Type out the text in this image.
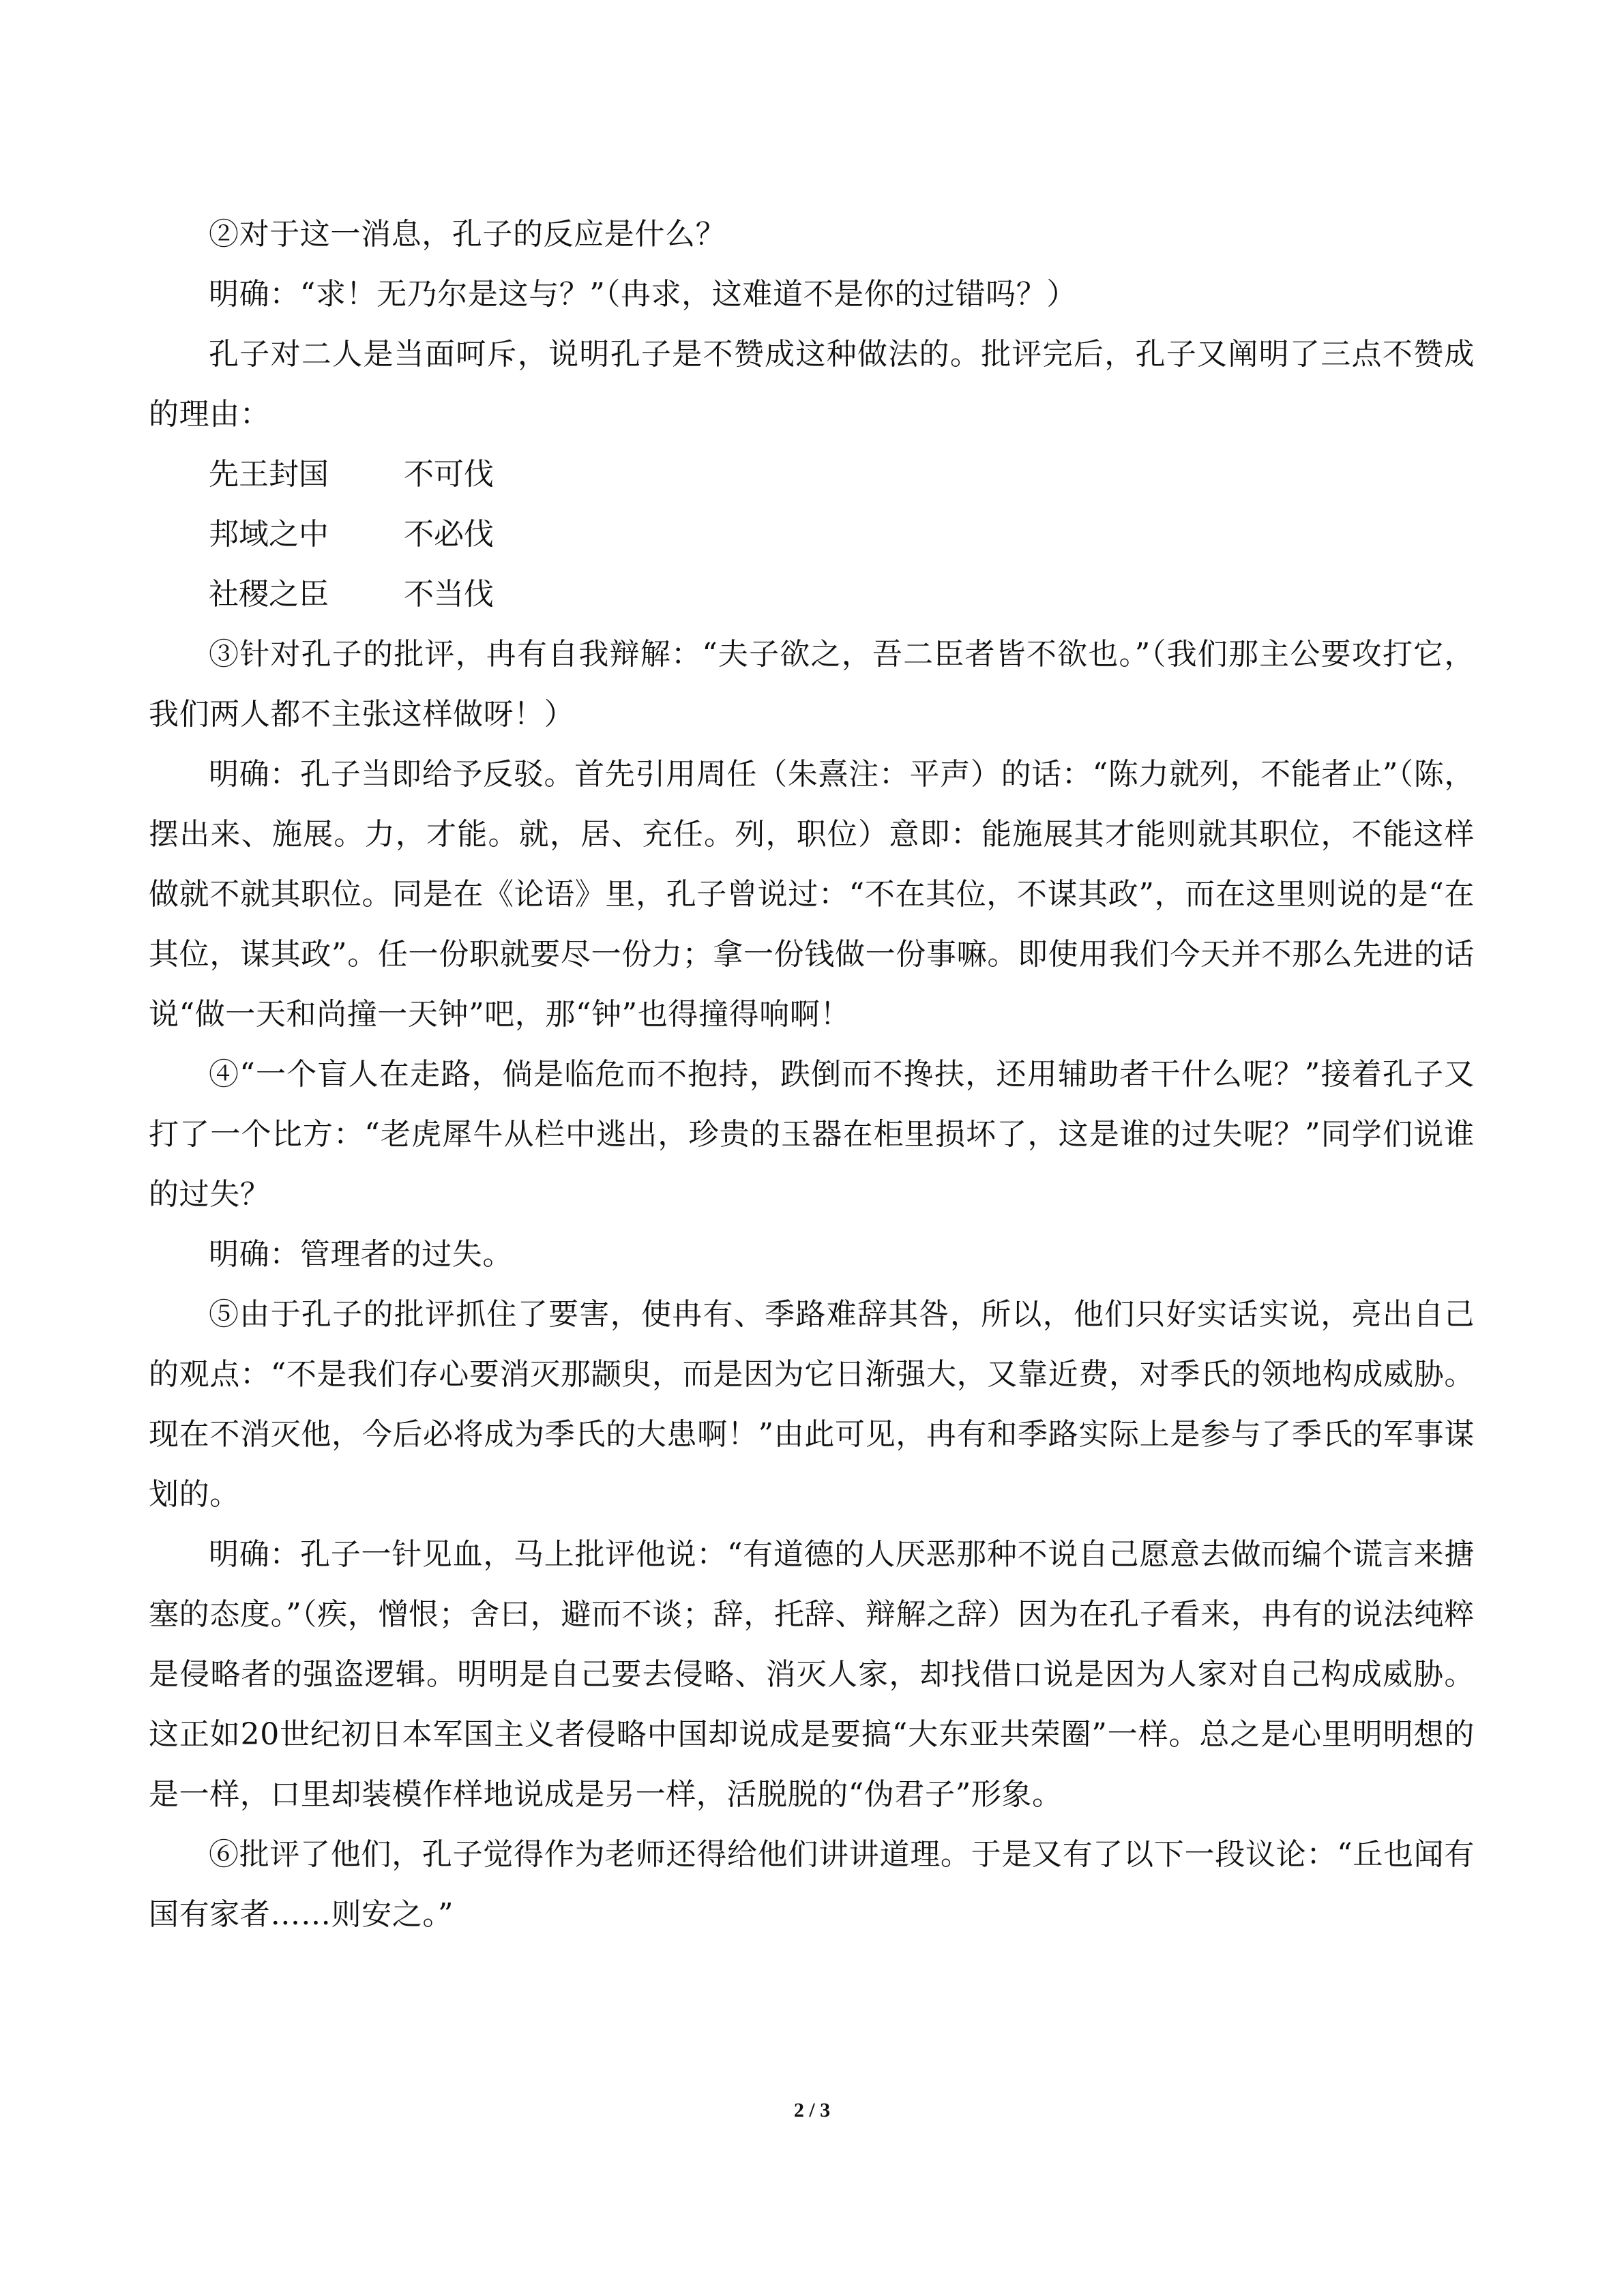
②对于这一消息，孔子的反应是什么？

明确：“求！无乃尔是这与？”（冉求，这难道不是你的过错吗？）

孔子对二人是当面呵斥，说明孔子是不赞成这种做法的。批评完后，孔子又阐明了三点不赞成的理由：

先王封国	不可伐
邦域之中	不必伐
社稷之臣	不当伐

③针对孔子的批评，冉有自我辩解：“夫子欲之，吾二臣者皆不欲也。”（我们那主公要攻打它，我们两人都不主张这样做呀！）

明确：孔子当即给予反驳。首先引用周任（朱熹注：平声）的话：“陈力就列，不能者止”（陈，摆出来、施展。力，才能。就，居、充任。列，职位）意即：能施展其才能则就其职位，不能这样做就不就其职位。同是在《论语》里，孔子曾说过：“不在其位，不谋其政”，而在这里则说的是“在其位，谋其政”。任一份职就要尽一份力；拿一份钱做一份事嘛。即使用我们今天并不那么先进的话说“做一天和尚撞一天钟”吧，那“钟”也得撞得响啊！

④“一个盲人在走路，倘是临危而不抱持，跌倒而不搀扶，还用辅助者干什么呢？”接着孔子又打了一个比方：“老虎犀牛从栏中逃出，珍贵的玉器在柜里损坏了，这是谁的过失呢？”同学们说谁的过失？

明确：管理者的过失。

⑤由于孔子的批评抓住了要害，使冉有、季路难辞其咎，所以，他们只好实话实说，亮出自己的观点：“不是我们存心要消灭那颛臾，而是因为它日渐强大，又靠近费，对季氏的领地构成威胁。现在不消灭他，今后必将成为季氏的大患啊！”由此可见，冉有和季路实际上是参与了季氏的军事谋划的。

明确：孔子一针见血，马上批评他说：“有道德的人厌恶那种不说自己愿意去做而编个谎言来搪塞的态度。”（疾，憎恨；舍曰，避而不谈；辞，托辞、辩解之辞）因为在孔子看来，冉有的说法纯粹是侵略者的强盗逻辑。明明是自己要去侵略、消灭人家，却找借口说是因为人家对自己构成威胁。这正如20世纪初日本军国主义者侵略中国却说成是要搞“大东亚共荣圈”一样。总之是心里明明想的是一样，口里却装模作样地说成是另一样，活脱脱的“伪君子”形象。

⑥批评了他们，孔子觉得作为老师还得给他们讲讲道理。于是又有了以下一段议论：“丘也闻有国有家者……则安之。”

2 / 3
